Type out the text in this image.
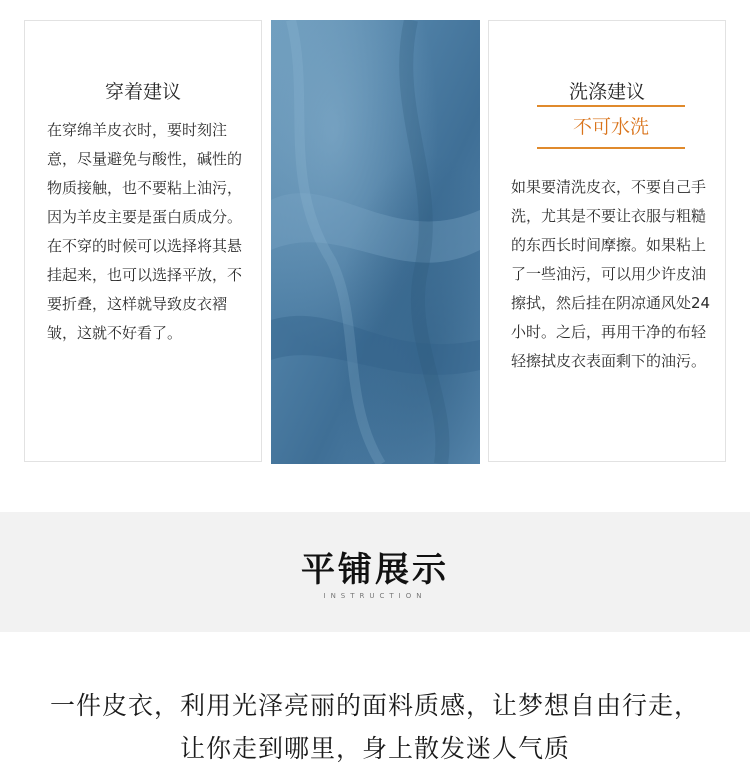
穿着建议
在穿绵羊皮衣时，要时刻注意，尽量避免与酸性，碱性的物质接触，也不要粘上油污，因为羊皮主要是蛋白质成分。在不穿的时候可以选择将其悬挂起来，也可以选择平放，不要折叠，这样就导致皮衣褶皱，这就不好看了。
洗涤建议
不可水洗
如果要清洗皮衣，不要自己手洗，尤其是不要让衣服与粗糙的东西长时间摩擦。如果粘上了一些油污，可以用少许皮油擦拭，然后挂在阴凉通风处24小时。之后，再用干净的布轻轻擦拭皮衣表面剩下的油污。
平铺展示
INSTRUCTION
一件皮衣，利用光泽亮丽的面料质感，让梦想自由行走，
让你走到哪里，身上散发迷人气质
